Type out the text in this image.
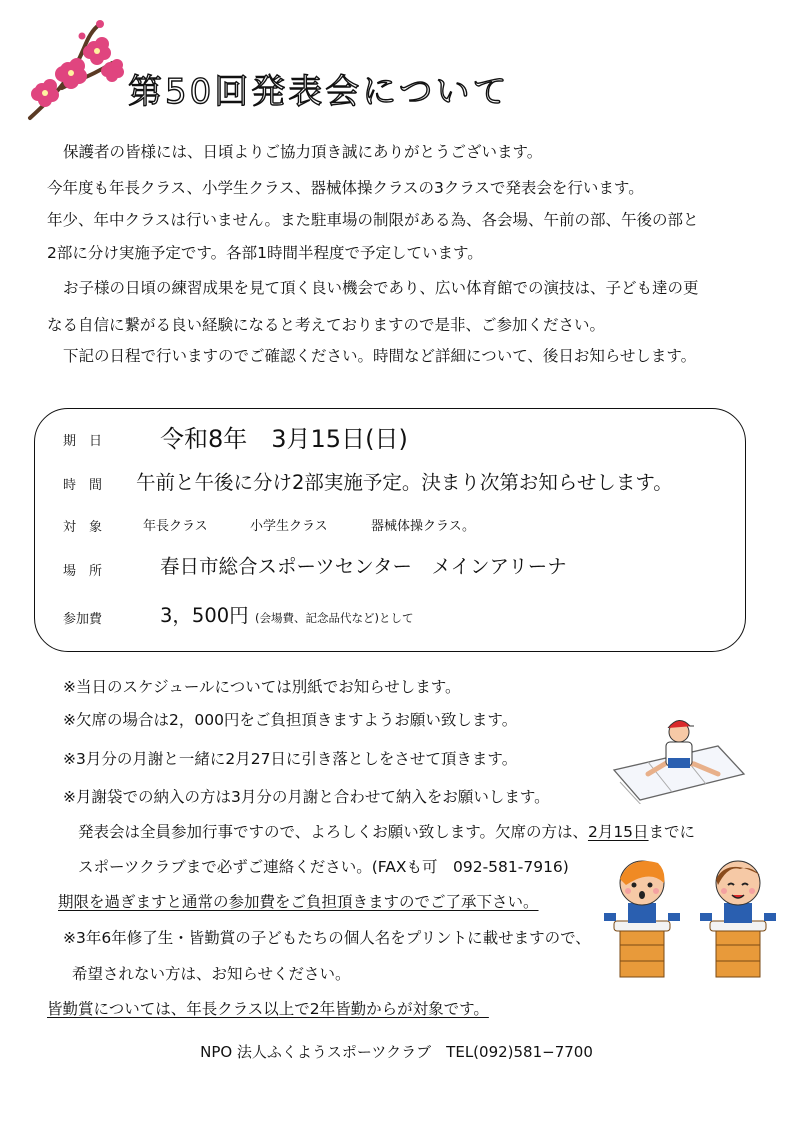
第50回発表会について

保護者の皆様には、日頃よりご協力頂き誠にありがとうございます。

今年度も年長クラス、小学生クラス、器械体操クラスの3クラスで発表会を行います。

年少、年中クラスは行いません。また駐車場の制限がある為、各会場、午前の部、午後の部と

2部に分け実施予定です。各部1時間半程度で予定しています。

お子様の日頃の練習成果を見て頂く良い機会であり、広い体育館での演技は、子ども達の更

なる自信に繋がる良い経験になると考えておりますので是非、ご参加ください。

下記の日程で行いますのでご確認ください。時間など詳細について、後日お知らせします。

期　日 令和8年　3月15日(日)
時　間 午前と午後に分け2部実施予定。決まり次第お知らせします。
対　象	年長クラス	小学生クラス	器械体操クラス。
場　所	春日市総合スポーツセンター　メインアリーナ
参加費	3，500円 (会場費、記念品代など)として

※当日のスケジュールについては別紙でお知らせします。

※欠席の場合は2，000円をご負担頂きますようお願い致します。

※3月分の月謝と一緒に2月27日に引き落としをさせて頂きます。

※月謝袋での納入の方は3月分の月謝と合わせて納入をお願いします。

発表会は全員参加行事ですので、よろしくお願い致します。欠席の方は、2月15日までに

スポーツクラブまで必ずご連絡ください。(FAXも可　092-581-7916)

期限を過ぎますと通常の参加費をご負担頂きますのでご了承下さい。

※3年6年修了生・皆勤賞の子どもたちの個人名をプリントに載せますので、

希望されない方は、お知らせください。

皆勤賞については、年長クラス以上で2年皆勤からが対象です。

NPO 法人ふくようスポーツクラブ　TEL(092)581−7700
